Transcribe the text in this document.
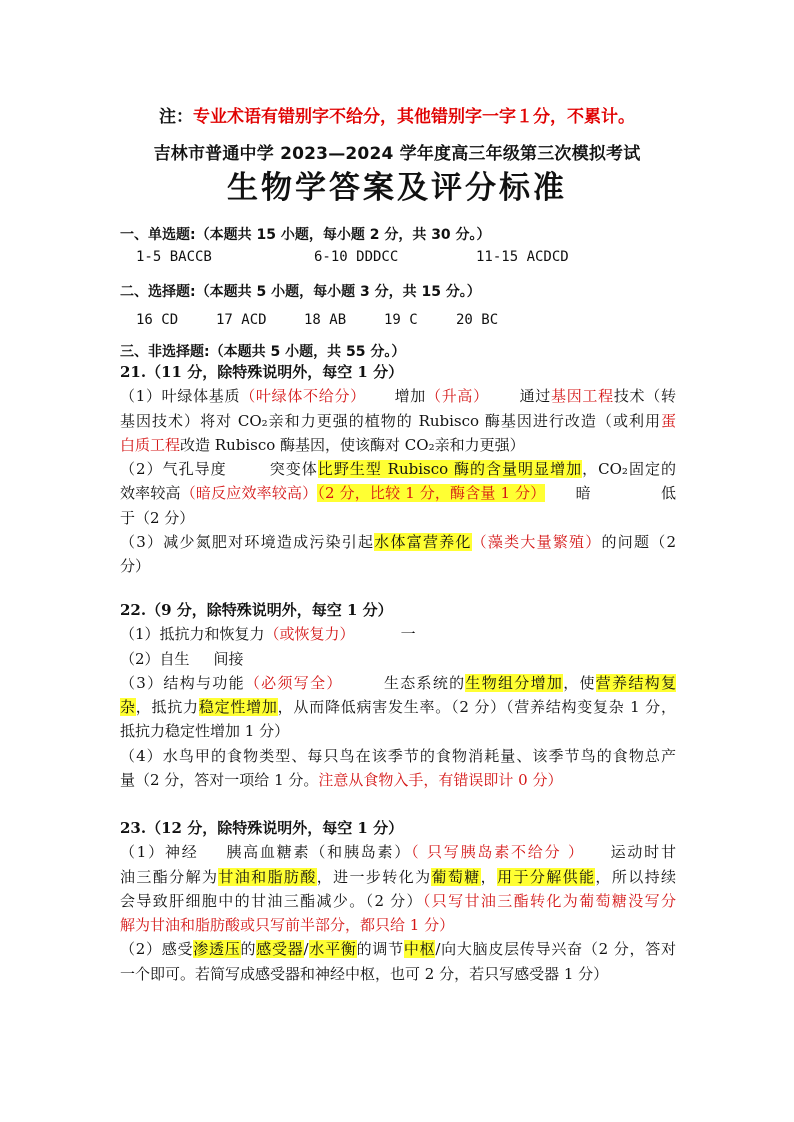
注：专业术语有错别字不给分，其他错别字一字１分，不累计。
吉林市普通中学 2023—2024 学年度高三年级第三次模拟考试
生物学答案及评分标准
一、单选题:（本题共 15 小题，每小题 2 分，共 30 分。）
1-5 BACCB	6-10 DDDCC	11-15 ACDCD
二、选择题:（本题共 5 小题，每小题 3 分，共 15 分。）
16 CD	17 ACD	18 AB	19 C	20 BC
三、非选择题:（本题共 5 小题，共 55 分。）

21.（11 分，除特殊说明外，每空 1 分）

（1）叶绿体基质（叶绿体不给分） 增加（升高） 通过基因工程技术（转

基因技术）将对 CO₂亲和力更强的植物的 Rubisco 酶基因进行改造（或利用蛋

白质工程改造 Rubisco 酶基因，使该酶对 CO₂亲和力更强）

（2）气孔导度	突变体比野生型 Rubisco 酶的含量明显增加，CO₂固定的

效率较高（暗反应效率较高）（2 分，比较 1 分，酶含量 1 分） 暗	低

于（2 分）

（3）减少氮肥对环境造成污染引起水体富营养化（藻类大量繁殖）的问题（2

分）

22.（9 分，除特殊说明外，每空 1 分）

（1）抵抗力和恢复力（或恢复力）	一

（2）自生 间接

（3）结构与功能（必须写全）	生态系统的生物组分增加，使营养结构复

杂，抵抗力稳定性增加，从而降低病害发生率。（2 分）（营养结构变复杂 1 分，

抵抗力稳定性增加 1 分）

（4）水鸟甲的食物类型、每只鸟在该季节的食物消耗量、该季节鸟的食物总产

量（2 分，答对一项给 1 分。注意从食物入手，有错误即计 0 分）

23.（12 分，除特殊说明外，每空 1 分）

（1）神经 胰高血糖素（和胰岛素）（ 只写胰岛素不给分 ） 运动时甘

油三酯分解为甘油和脂肪酸，进一步转化为葡萄糖，用于分解供能，所以持续

会导致肝细胞中的甘油三酯减少。（2 分）（只写甘油三酯转化为葡萄糖没写分

解为甘油和脂肪酸或只写前半部分，都只给 1 分）

（2）感受渗透压的感受器/水平衡的调节中枢/向大脑皮层传导兴奋（2 分，答对

一个即可。若简写成感受器和神经中枢，也可 2 分，若只写感受器 1 分）
